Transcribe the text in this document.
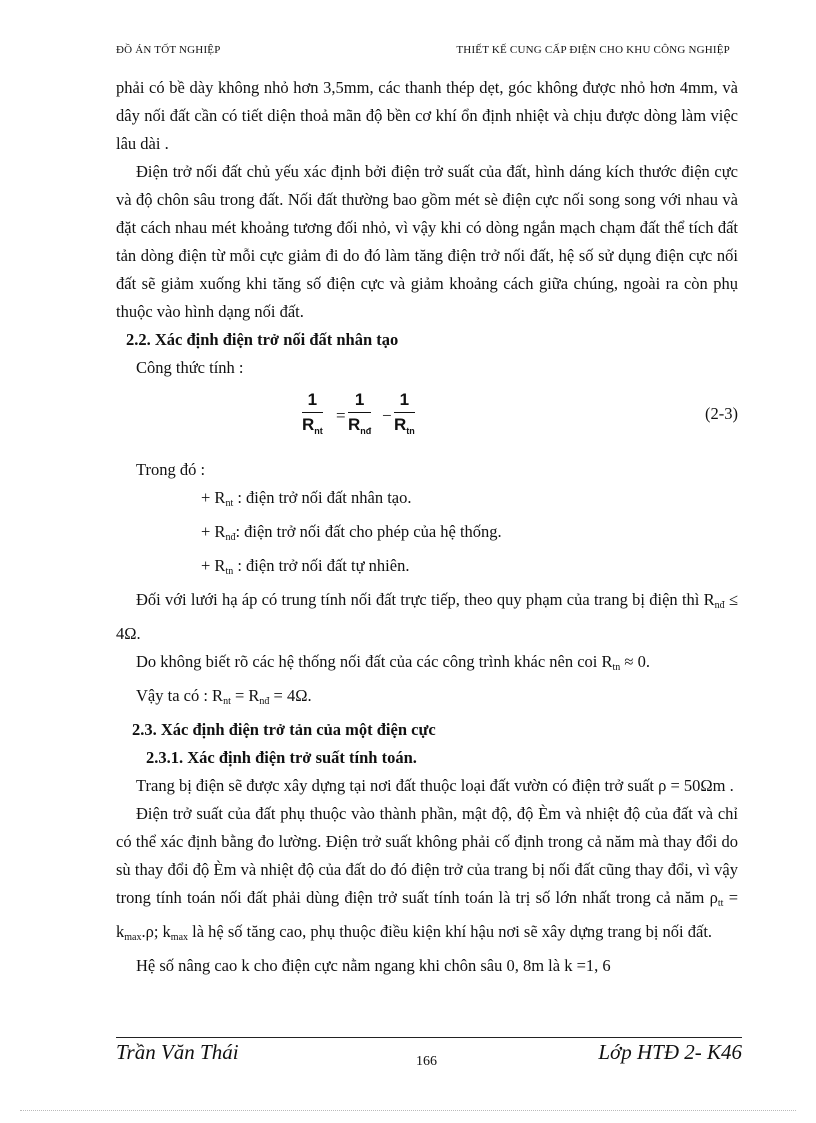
ĐỒ ÁN TỐT NGHIỆP	THIẾT KẾ CUNG CẤP ĐIỆN CHO KHU CÔNG NGHIỆP

phải có bề dày không nhỏ hơn 3,5mm, các thanh thép dẹt, góc không được nhỏ hơn 4mm, và dây nối đất cần có tiết diện thoả mãn độ bền cơ khí ổn định nhiệt và chịu được dòng làm việc lâu dài .

Điện trở nối đất chủ yếu xác định bởi điện trở suất của đất, hình dáng kích thước điện cực và độ chôn sâu trong đất. Nối đất thường bao gồm mét sè điện cực nối song song với nhau và đặt cách nhau mét khoảng tương đối nhỏ, vì vậy khi có dòng ngắn mạch chạm đất thể tích đất tản dòng điện từ mỗi cực giảm đi do đó làm tăng điện trở nối đất, hệ số sử dụng điện cực nối đất sẽ giảm xuống khi tăng số điện cực và giảm khoảng cách giữa chúng, ngoài ra còn phụ thuộc vào hình dạng nối đất.

2.2. Xác định điện trở nối đất nhân tạo

Công thức tính :

1
$R_{nt}$
=
1
$R_{nđ}$
−
1
$R_{tn}$
(2-3)

Trong đó :

+ $R_{nt}$ : điện trở nối đất nhân tạo.

+ $R_{nđ}$: điện trở nối đất cho phép của hệ thống.

+ $R_{tn}$ : điện trở nối đất tự nhiên.

Đối với lưới hạ áp có trung tính nối đất trực tiếp, theo quy phạm của trang bị điện thì $R_{nđ} \le 4\Omega$.

Do không biết rõ các hệ thống nối đất của các công trình khác nên coi $R_{tn} \approx 0$.

Vậy ta có : $R_{nt} = R_{nđ} = 4\Omega$.

2.3. Xác định điện trở tản của một điện cực

2.3.1. Xác định điện trở suất tính toán.

Trang bị điện sẽ được xây dựng tại nơi đất thuộc loại đất vườn có điện trở suất ρ = 50Ωm .

Điện trở suất của đất phụ thuộc vào thành phần, mật độ, độ Èm và nhiệt độ của đất và chỉ có thể xác định bằng đo lường. Điện trở suất không phải cố định trong cả năm mà thay đổi do sù thay đổi độ Èm và nhiệt độ của đất do đó điện trở của trang bị nối đất cũng thay đổi, vì vậy trong tính toán nối đất phải dùng điện trở suất tính toán là trị số lớn nhất trong cả năm $\rho_{tt} = k_{max}.\rho$; $k_{max}$ là hệ số tăng cao, phụ thuộc điều kiện khí hậu nơi sẽ xây dựng trang bị nối đất.

Hệ số nâng cao k cho điện cực nằm ngang khi chôn sâu 0, 8m là k =1, 6

Trần Văn Thái	166	Lớp HTĐ 2- K46
